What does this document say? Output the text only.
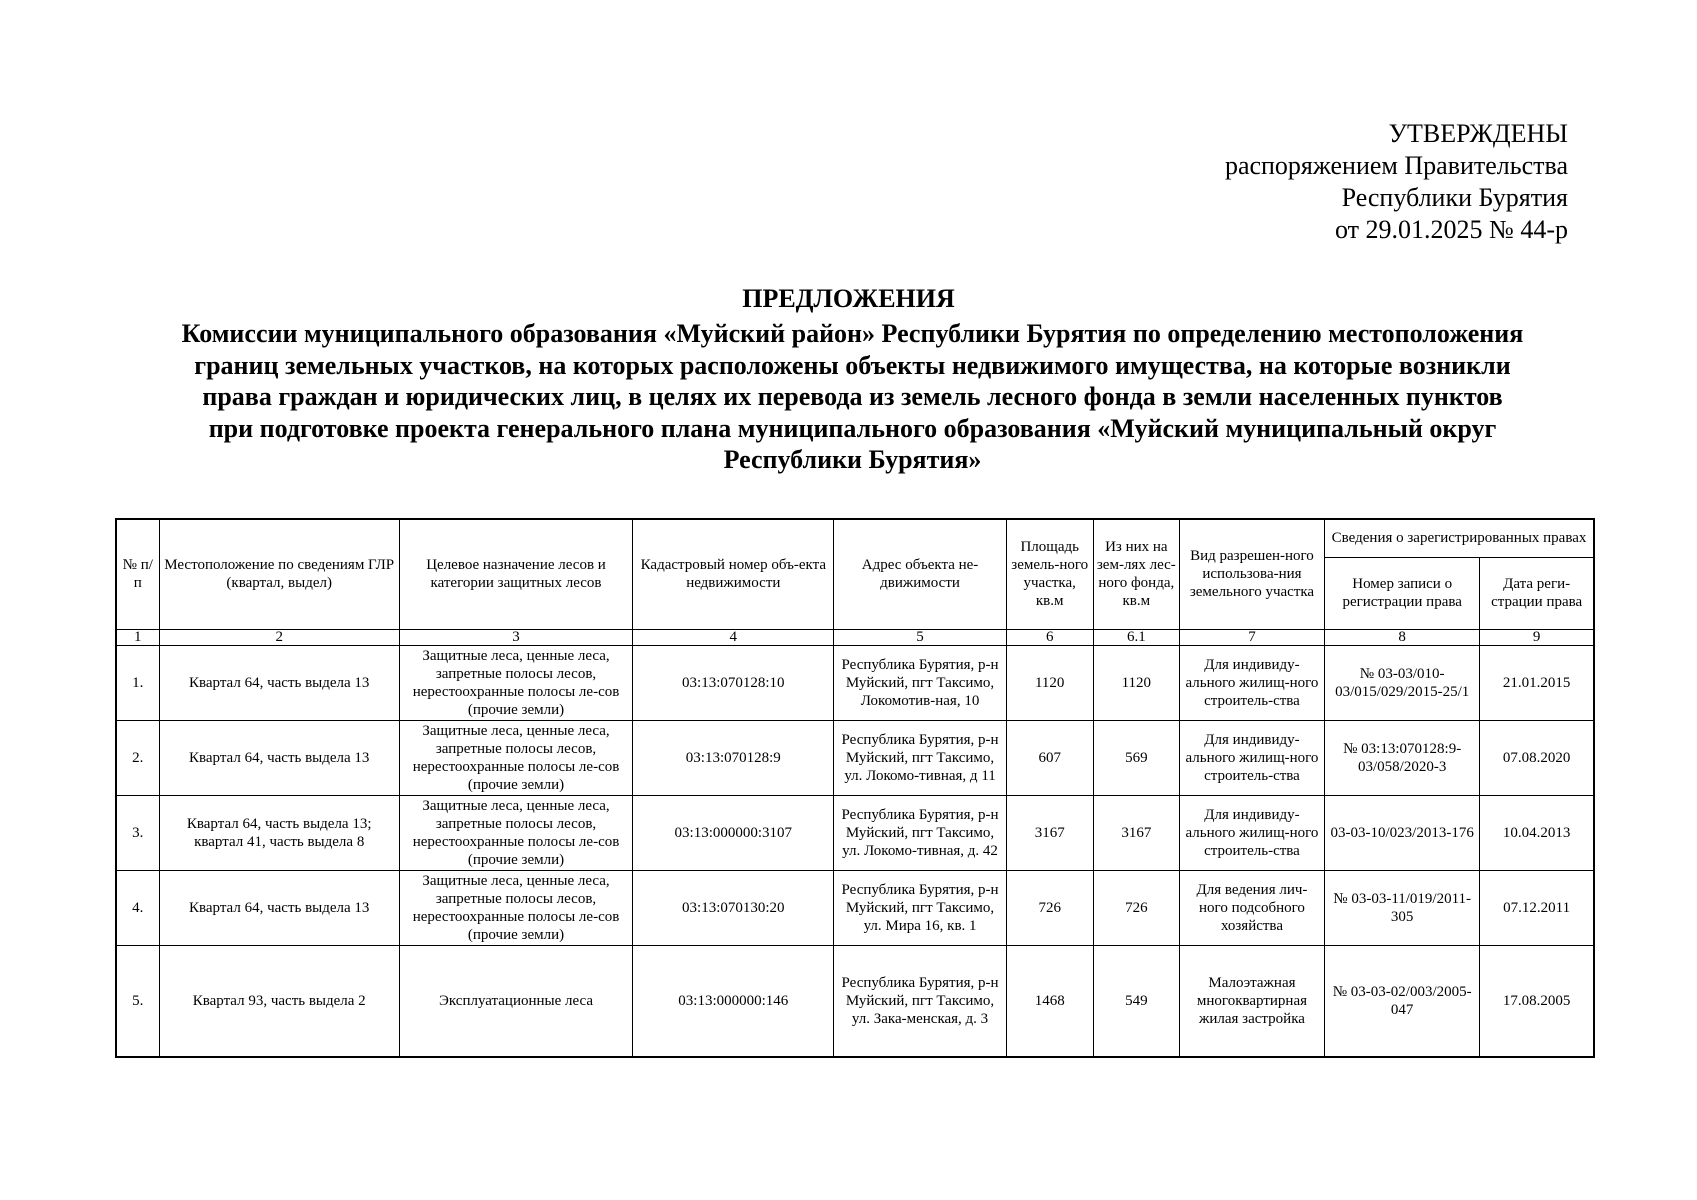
УТВЕРЖДЕНЫ
распоряжением Правительства
Республики Бурятия
от 29.01.2025 № 44-р
ПРЕДЛОЖЕНИЯ
Комиссии муниципального образования «Муйский район» Республики Бурятия по определению местоположения
границ земельных участков, на которых расположены объекты недвижимого имущества, на которые возникли
права граждан и юридических лиц, в целях их перевода из земель лесного фонда в земли населенных пунктов
при подготовке проекта генерального плана муниципального образования «Муйский муниципальный округ
Республики Бурятия»
№ п/п	Местоположение по сведениям ГЛР (квартал, выдел)	Целевое назначение лесов и категории защитных лесов	Кадастровый номер объ-екта недвижимости	Адрес объекта не-движимости	Площадь земель-ного участка, кв.м	Из них на зем-лях лес-ного фонда, кв.м	Вид разрешен-ного использова-ния земельного участка	Сведения о зарегистрированных правах	
								Номер записи о регистрации права	Дата реги-страции права
1	2	3	4	5	6	6.1	7	8	9
1.	Квартал 64, часть выдела 13	Защитные леса, ценные леса, запретные полосы лесов, нерестоохранные полосы ле-сов (прочие земли)	03:13:070128:10	Республика Бурятия, р-н Муйский, пгт Таксимо, Локомотив-ная, 10	1120	1120	Для индивиду-ального жилищ-ного строитель-ства	№ 03-03/010-03/015/029/2015-25/1	21.01.2015
2.	Квартал 64, часть выдела 13	Защитные леса, ценные леса, запретные полосы лесов, нерестоохранные полосы ле-сов (прочие земли)	03:13:070128:9	Республика Бурятия, р-н Муйский, пгт Таксимо, ул. Локомо-тивная, д 11	607	569	Для индивиду-ального жилищ-ного строитель-ства	№ 03:13:070128:9-03/058/2020-3	07.08.2020
3.	Квартал 64, часть выдела 13; квартал 41, часть выдела 8	Защитные леса, ценные леса, запретные полосы лесов, нерестоохранные полосы ле-сов (прочие земли)	03:13:000000:3107	Республика Бурятия, р-н Муйский, пгт Таксимо, ул. Локомо-тивная, д. 42	3167	3167	Для индивиду-ального жилищ-ного строитель-ства	03-03-10/023/2013-176	10.04.2013
4.	Квартал 64, часть выдела 13	Защитные леса, ценные леса, запретные полосы лесов, нерестоохранные полосы ле-сов (прочие земли)	03:13:070130:20	Республика Бурятия, р-н Муйский, пгт Таксимо, ул. Мира 16, кв. 1	726	726	Для ведения лич-ного подсобного хозяйства	№ 03-03-11/019/2011-305	07.12.2011
5.	Квартал 93, часть выдела 2	Эксплуатационные леса	03:13:000000:146	Республика Бурятия, р-н Муйский, пгт Таксимо, ул. Зака-менская, д. 3	1468	549	Малоэтажная многоквартирная жилая застройка	№ 03-03-02/003/2005-047	17.08.2005
